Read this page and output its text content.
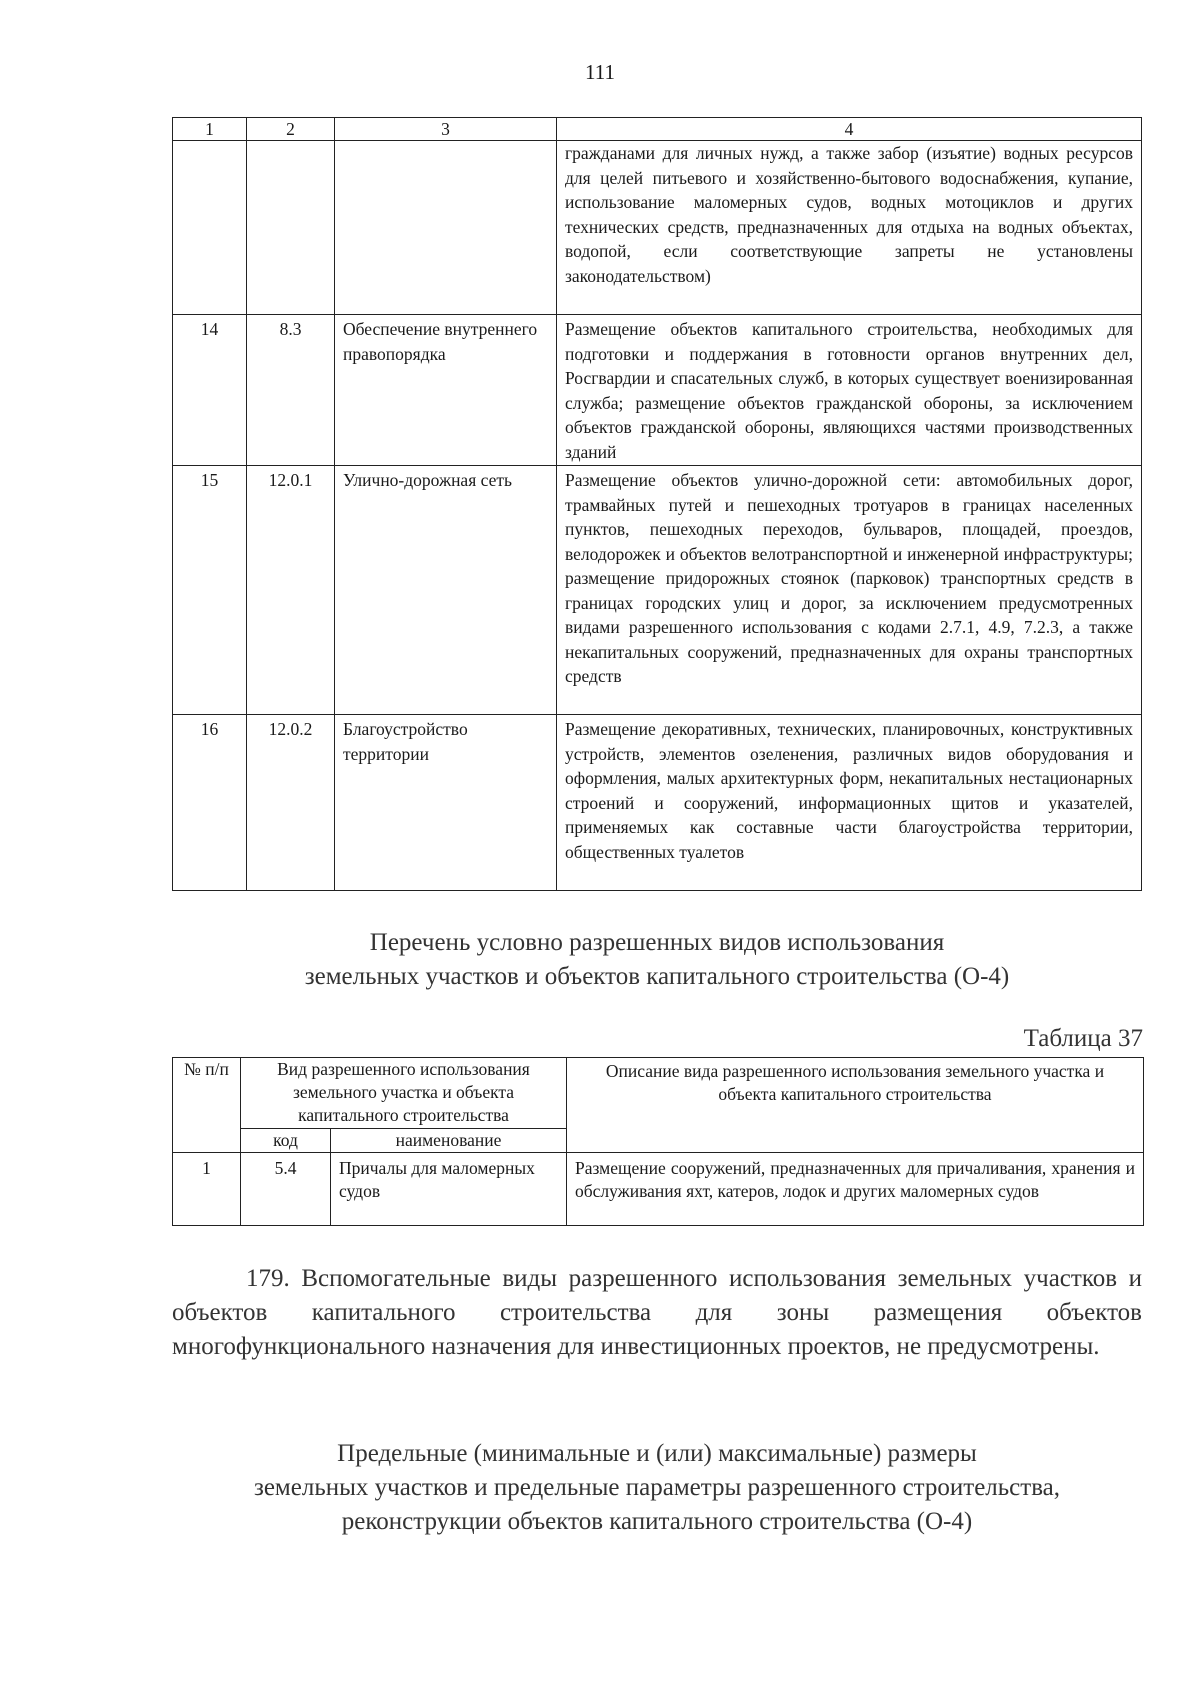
111
1	2	3	4
			гражданами для личных нужд, а также забор (изъятие) водных ресурсов для целей питьевого и хозяйственно-бытового водоснабжения, купание, использование маломерных судов, водных мотоциклов и других технических средств, предназначенных для отдыха на водных объектах, водопой, если соответствующие запреты не установлены законодательством)
14	8.3	Обеспечение внутреннего правопорядка	Размещение объектов капитального строительства, необходимых для подготовки и поддержания в готовности органов внутренних дел, Росгвардии и спасательных служб, в которых существует военизированная служба; размещение объектов гражданской обороны, за исключением объектов гражданской обороны, являющихся частями производственных зданий
15	12.0.1	Улично-дорожная сеть	Размещение объектов улично-дорожной сети: автомобильных дорог, трамвайных путей и пешеходных тротуаров в границах населенных пунктов, пешеходных переходов, бульваров, площадей, проездов, велодорожек и объектов велотранспортной и инженерной инфраструктуры; размещение придорожных стоянок (парковок) транспортных средств в границах городских улиц и дорог, за исключением предусмотренных видами разрешенного использования с кодами 2.7.1, 4.9, 7.2.3, а также некапитальных сооружений, предназначенных для охраны транспортных средств
16	12.0.2	Благоустройство территории	Размещение декоративных, технических, планировочных, конструктивных устройств, элементов озеленения, различных видов оборудования и оформления, малых архитектурных форм, некапитальных нестационарных строений и сооружений, информационных щитов и указателей, применяемых как составные части благоустройства территории, общественных туалетов
Перечень условно разрешенных видов использования
земельных участков и объектов капитального строительства (О-4)
Таблица 37
№ п/п	Вид разрешенного использования земельного участка и объекта капитального строительства		Описание вида разрешенного использования земельного участка и объекта капитального строительства
	код	наименование	
1	5.4	Причалы для маломерных судов	Размещение сооружений, предназначенных для причаливания, хранения и обслуживания яхт, катеров, лодок и других маломерных судов
179. Вспомогательные виды разрешенного использования земельных участков и объектов капитального строительства для зоны размещения объектов многофункционального назначения для инвестиционных проектов, не предусмотрены.
Предельные (минимальные и (или) максимальные) размеры
земельных участков и предельные параметры разрешенного строительства,
реконструкции объектов капитального строительства (О-4)
